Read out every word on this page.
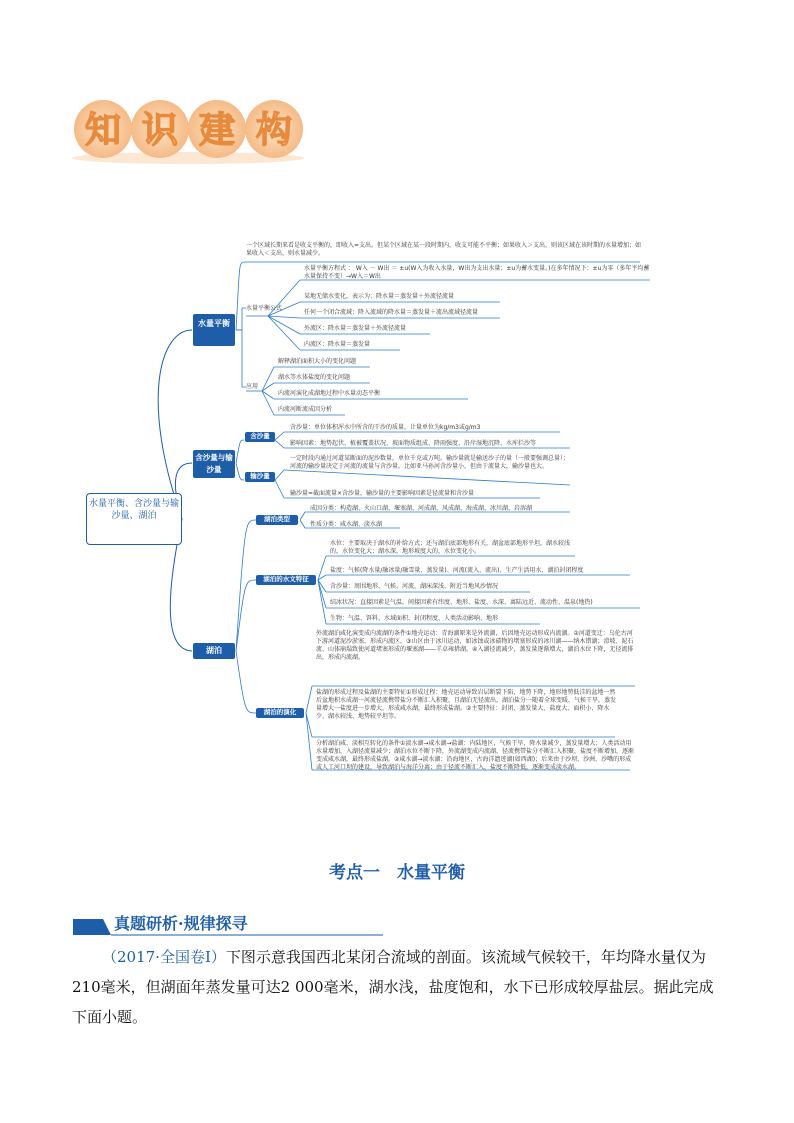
知 识 建 构
水量平衡、含沙量与输沙量、湖泊
水量平衡
一个区域长期来看是收支平衡的，即收入=支出。但某个区域在某一段时期内，收支可能不平衡；如果收入＞支出，则该区域在该时期的水量增加；如果收入＜支出，则水量减少。
水量平衡公式
水量平衡方程式 ： W入 － W出 ＝ ±u(W入为收入水量，W出为支出水量；±u为蓄水变量。)在多年情况下：±u为零（多年平均蓄水量保持不变）→W入＝W出
某地无储水变化，表示为：降水量＝蒸发量＋外流径流量
任何一个闭合流域：降入流域的降水量＝蒸发量＋流出流域径流量
外流区：降水量＝蒸发量＋外流径流量
内流区：降水量＝蒸发量
应用
解释湖泊面积大小的变化问题
湖水等水体盐度的变化问题
内流河演化成湖地过程中水量动态平衡
内流河断流成因分析
含沙量与输沙量
含沙量
含沙量：单位体积浑水中所含的干沙的质量，计量单位为kg/m3或g/m3
影响因素：地势起伏、植被覆盖状况、坡面物质组成、降雨强度、沿岸湿地沉降、水库拦沙等
输沙量
一定时段内通过河道某断面的泥沙数量，单位千克或万吨。输沙量就是输送沙子的量（一般要强调总量）；河流的输沙量决定于河流的流量与含沙量。比如亚马孙河含沙量小，但由于流量大，输沙量也大。
输沙量=截面流量×含沙量，输沙量的主要影响因素是径流量和含沙量
湖泊
湖泊类型
成因分类：构造湖、火山口湖、堰塞湖、河成湖、风成湖、海成湖、冰川湖、岩溶湖
性质分类：咸水湖、淡水湖
湖泊的水文特征
水位：主要取决于湖水的补给方式；还与湖泊底部地形有关，湖盆底部地形平坦，湖水较浅的，水位变化大；湖水深，地形坡度大的，水位变化小。
盐度：气候(降水量/融冰量/融雪量、蒸发量)、河流(流入、流出)、生产生活用水、湖泊封闭程度
含沙量：周围地形、气候、河流、湖床深浅、附近当地风沙情况
结冰状况：直接因素是气温，间接因素有纬度、地形、盐度、水深、离陆远近、流动性、温泉(地热)
生物：气温、饵料、水域面积、封闭程度、人类活动影响、地形
湖泊的演化
外流湖泊咸化演变成内流湖的条件①地壳运动：青海湖原来是外流湖，后因地壳运动形成内流湖。②河道变迁：乌伦古河下游河道泥沙淤塞，形成内流区。③山区由于冰川运动，如冰蚀或冰碛物的堵塞形成的冰川湖——纳木错湖；滑坡、泥石流、山体崩塌致使河道堵塞形成的堰塞湖——羊卓雍措湖。④入湖径流减少，蒸发量逐渐增大，湖泊水位下降，无径流排出，形成内流湖。
盐湖的形成过程及盐湖的主要特征①形成过程：地壳运动导致岩层断裂下陷，地势下降，地形地势低洼的盆地一然后盆地积水成湖一河流径流携带盐分不断汇入积聚，且湖泊无径流出，湖泊盐分一随着全球变暖，气候干旱，蒸发量增大一盐度进一步增大，形成咸水湖，最终形成盐湖。②主要特征：封闭、蒸发量大、盐度大、面积小、降水少、湖水较浅、地势较平坦等。
分析湖泊咸、淡相互转化的条件①淡水湖→咸水湖→盐湖：内陆地区，气候干旱，降水量减少，蒸发量增大；人类活动用水量增加，入湖径流量减少；湖泊水位不断下降，外流湖变成内流湖，径流携带盐分不断汇入积聚，盐度不断增加，逐渐变成咸水湖，最终形成盐湖。②咸水湖→淡水湖：沿海地区，古海洋遗迹湖(如西湖)；后来由于沙坝、沙洲、沙嘴的形成或人工河口坝的建设，导致湖泊与海洋分离；由于径流不断汇入，盐度不断降低，逐渐变成淡水湖。
考点一　水量平衡
真题研析·规律探寻
（2017·全国卷Ⅰ）下图示意我国西北某闭合流域的剖面。该流域气候较干，年均降水量仅为210毫米，但湖面年蒸发量可达2 000毫米，湖水浅，盐度饱和，水下已形成较厚盐层。据此完成下面小题。
